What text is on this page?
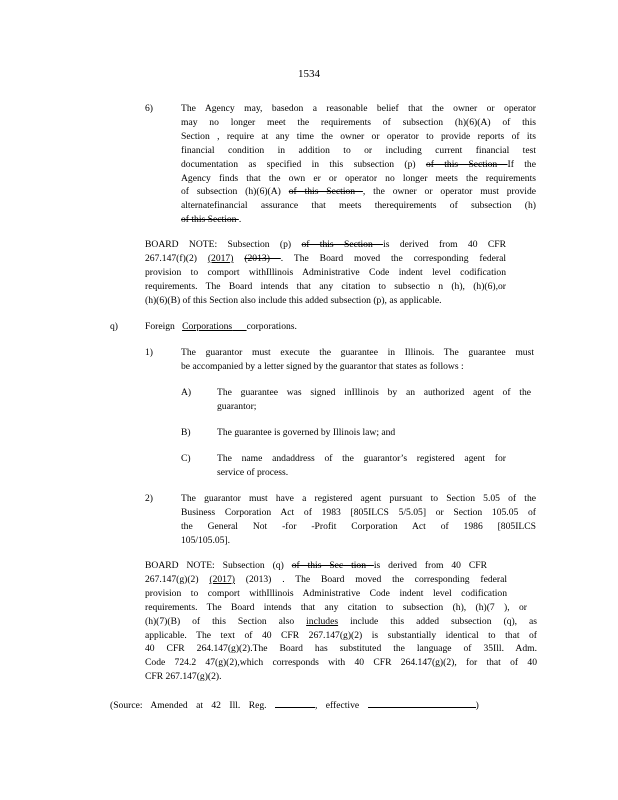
1534
6)	The Agency may, basedon a reasonable belief that the owner or operator
may no longer meet the requirements of subsection (h)(6)(A) of this
Section , require at any time the owner or operator to provide reports of its
financial condition in addition to or including current financial test
documentation as specified in this subsection (p) of this Section If the
Agency finds that the own er or operator no longer meets the requirements
of subsection (h)(6)(A) of this Section , the owner or operator must provide
alternatefinancial assurance that meets therequirements of subsection (h)
of this Section .
BOARD NOTE: Subsection (p) of this Section is derived from 40 CFR
267.147(f)(2) (2017) (2013) . The Board moved the corresponding federal
provision to comport withIllinois Administrative Code indent level codification
requirements. The Board intends that any citation to subsectio n (h), (h)(6),or
(h)(6)(B) of this Section also include this added subsection (p), as applicable.
q)	Foreign Corporations corporations.
1)	The guarantor must execute the guarantee in Illinois. The guarantee must
be accompanied by a letter signed by the guarantor that states as follows :
A)	The guarantee was signed inIllinois by an authorized agent of the
guarantor;
B)	The guarantee is governed by Illinois law; and
C)	The name andaddress of the guarantor’s registered agent for
service of process.
2)	The guarantor must have a registered agent pursuant to Section 5.05 of the
Business Corporation Act of 1983 [805ILCS 5/5.05] or Section 105.05 of
the General Not -for -Profit Corporation Act of 1986 [805ILCS
105/105.05].
BOARD NOTE: Subsection (q) of this Sec tion is derived from 40 CFR
267.147(g)(2) (2017) (2013) . The Board moved the corresponding federal
provision to comport withIllinois Administrative Code indent level codification
requirements. The Board intends that any citation to subsection (h), (h)(7 ), or
(h)(7)(B) of this Section also includes include this added subsection (q), as
applicable. The text of 40 CFR 267.147(g)(2) is substantially identical to that of
40 CFR 264.147(g)(2).The Board has substituted the language of 35Ill. Adm.
Code 724.2 47(g)(2),which corresponds with 40 CFR 264.147(g)(2), for that of 40
CFR 267.147(g)(2).
(Source: Amended at 42 Ill. Reg.	, effective	)
